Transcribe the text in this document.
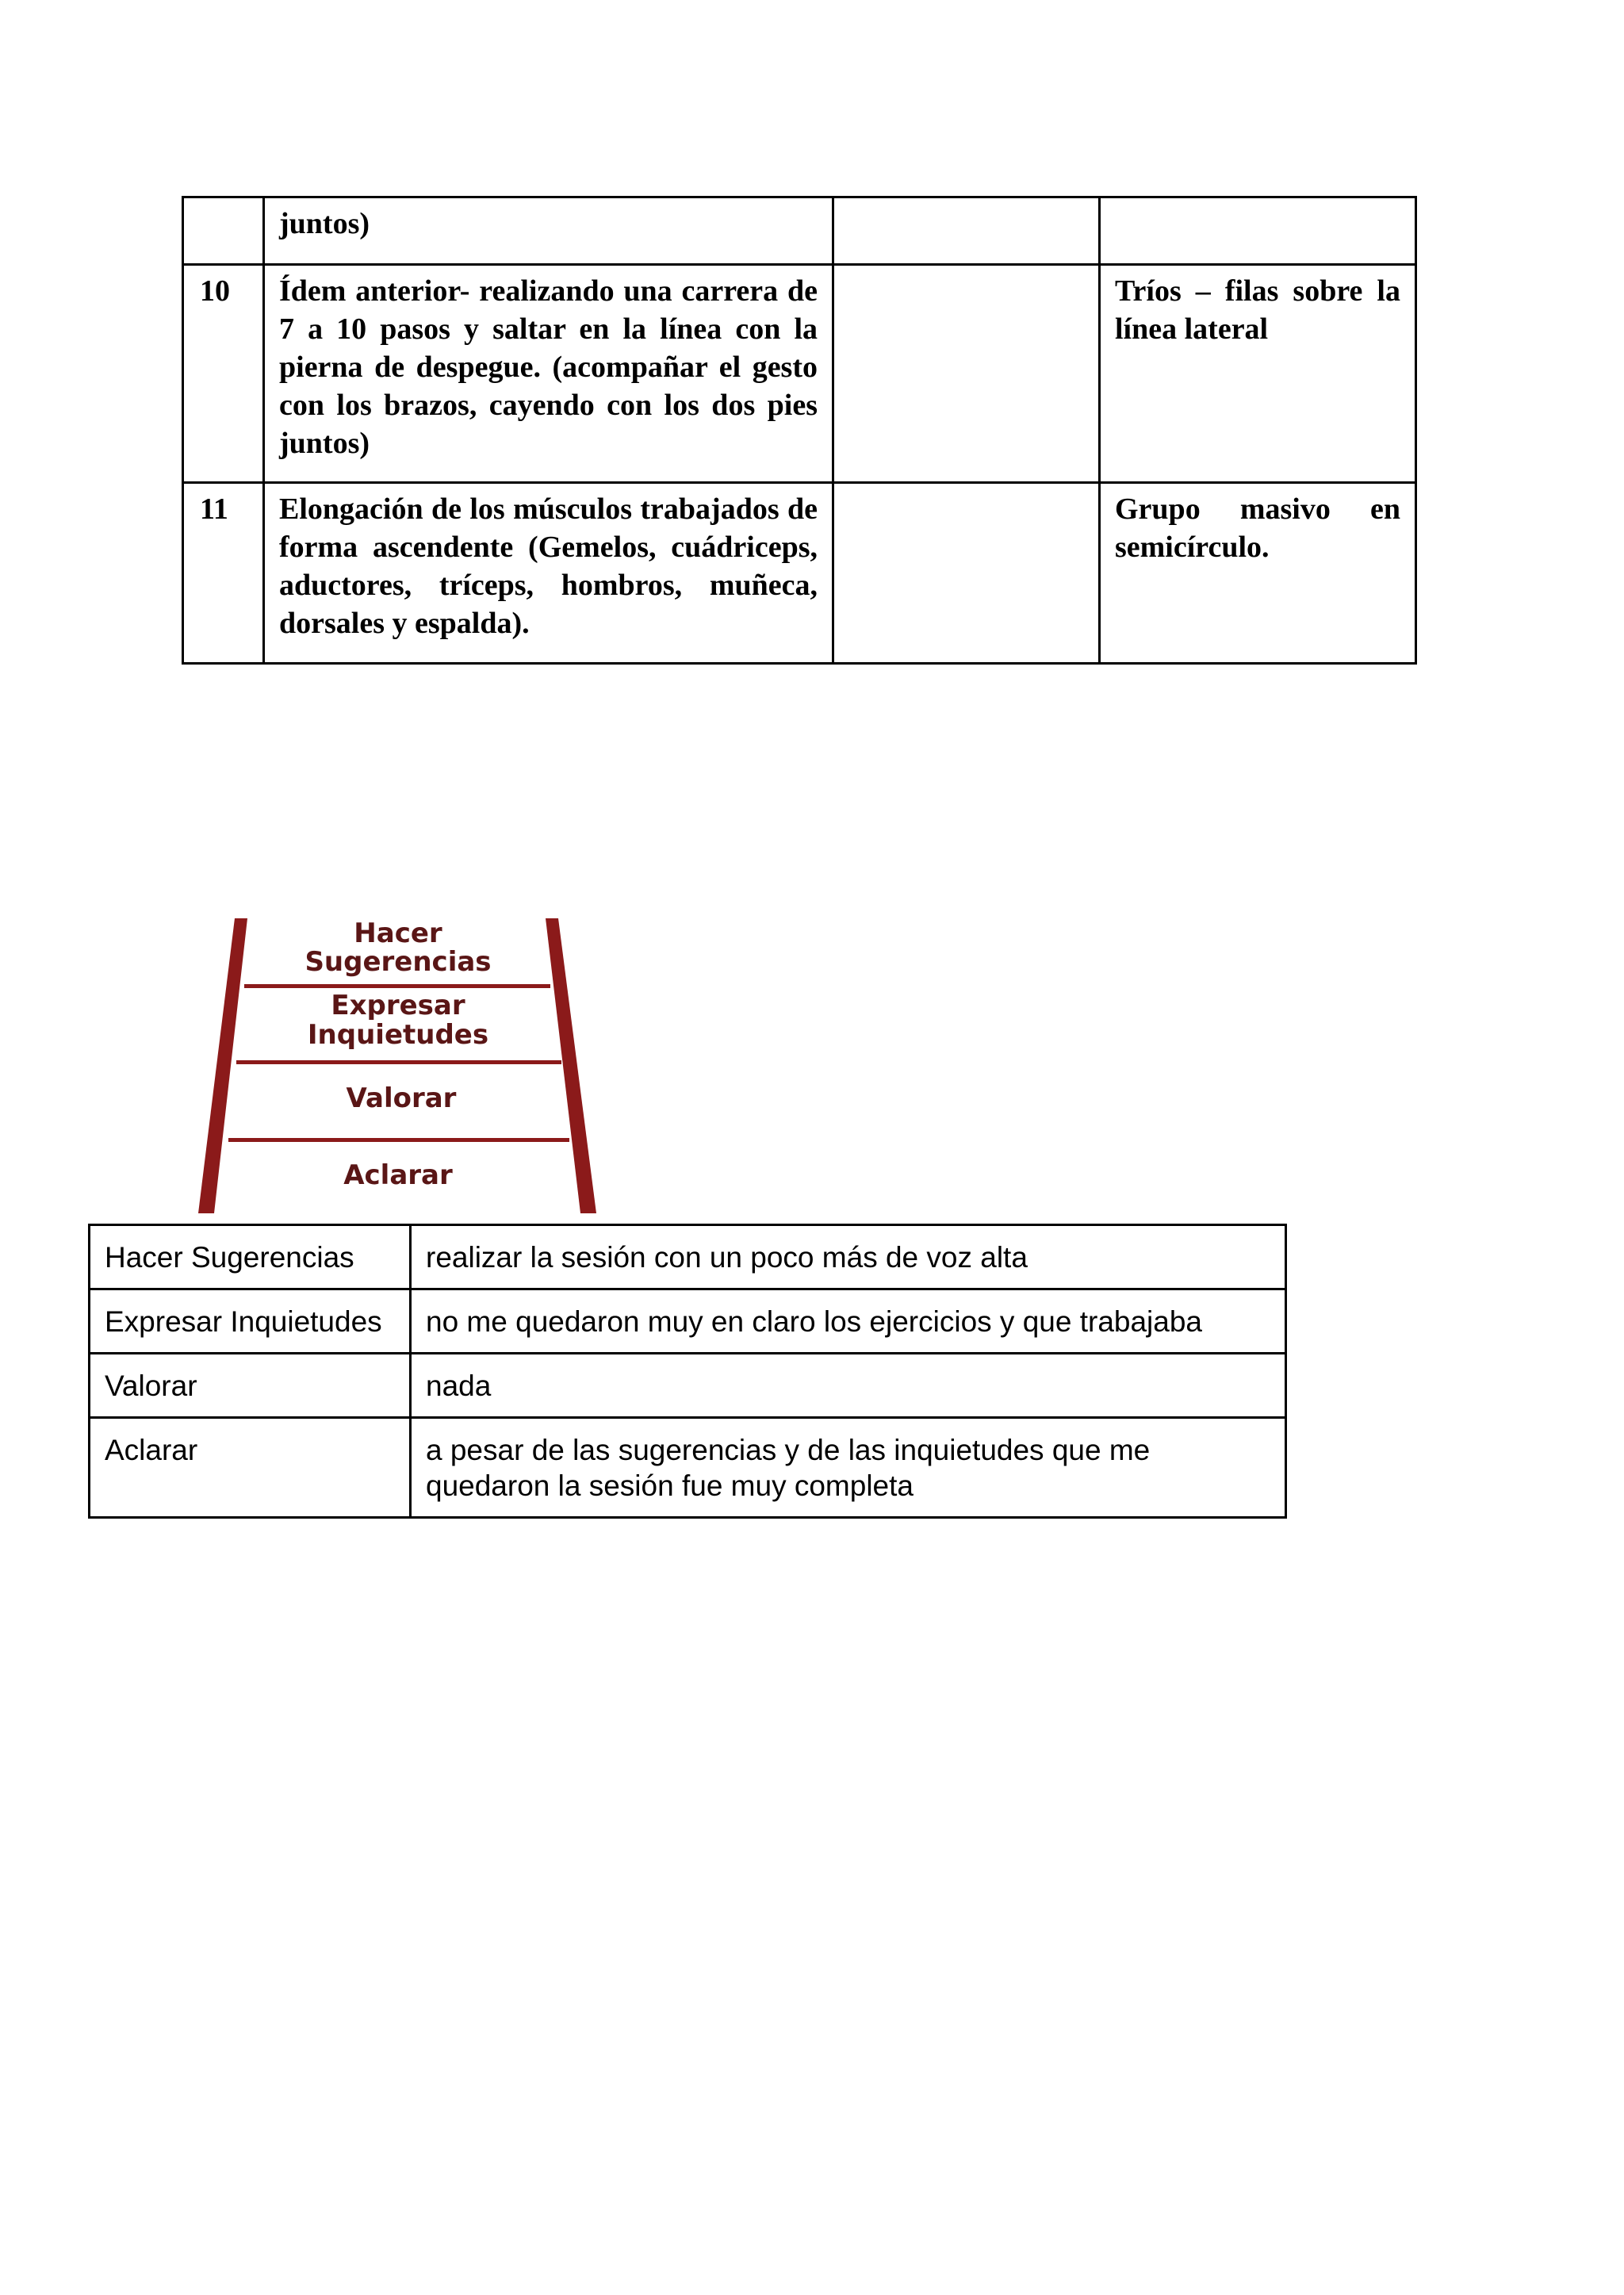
	juntos)		
10	Ídem anterior- realizando una carrera de 7 a 10 pasos y saltar en la línea con la pierna de despegue. (acompañar el gesto con los brazos, cayendo con los dos pies juntos)		Tríos – filas sobre la línea lateral
11	Elongación de los músculos trabajados de forma ascendente (Gemelos, cuádriceps, aductores, tríceps, hombros, muñeca, dorsales y espalda).		Grupo masivo en semicírculo.
Hacer
Sugerencias
Expresar
Inquietudes
Valorar
Aclarar
Hacer Sugerencias	realizar la sesión con un poco más de voz alta
Expresar Inquietudes	no me quedaron muy en claro los ejercicios y que trabajaba
Valorar	nada
Aclarar	a pesar de las sugerencias y de las inquietudes que me quedaron la sesión fue muy completa
